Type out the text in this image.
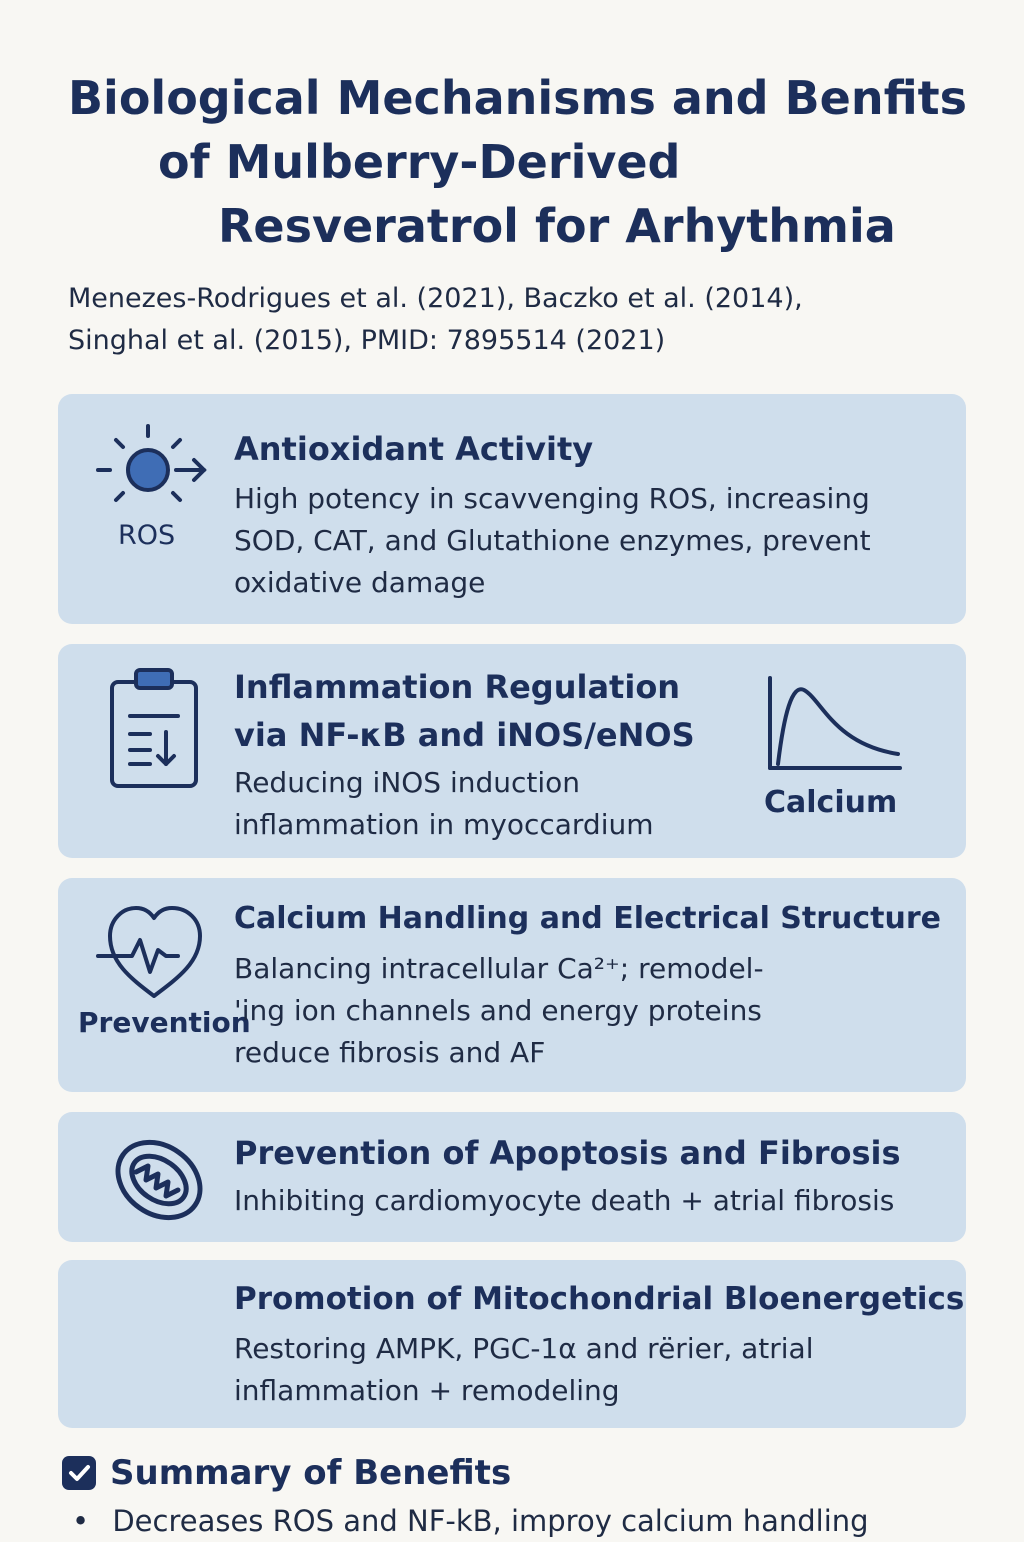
Biological Mechanisms and Benfits
of Mulberry-Derived
Resveratrol for Arhythmia
Menezes-Rodrigues et al. (2021), Baczko et al. (2014),
Singhal et al. (2015), PMID: 7895514 (2021)
ROS
Antioxidant Activity
High potency in scavvenging ROS, increasing
SOD, CAT, and Glutathione enzymes, prevent
oxidative damage
Inflammation Regulation
via NF-κB and iNOS/eNOS
Reducing iNOS induction
inflammation in myoccardium
Calcium
Prevention
Calcium Handling and Electrical Structure
Balancing intracellular Ca²⁺; remodel-
'ing ion channels and energy proteins
reduce fibrosis and AF
Prevention of Apoptosis and Fibrosis
Inhibiting cardiomyocyte death + atrial fibrosis
Promotion of Mitochondrial Bloenergetics
Restoring AMPK, PGC-1α and rërier, atrial
inflammation + remodeling
Summary of Benefits
• Decreases ROS and NF-kB, improy calcium handling
